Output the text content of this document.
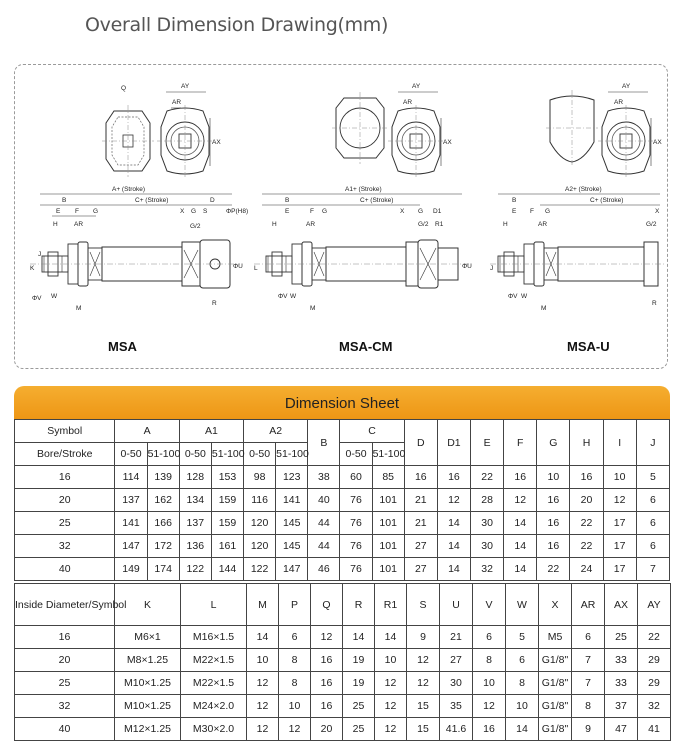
Overall Dimension Drawing(mm)
AY
AX
Q
AR
A+ (Stroke)
C+ (Stroke)
B	D
E F G	X G S	ΦP(H8)
H	AR	G/2
K
J
ΦV W
M
R
ΦU
AY
AX
AR
A1+ (Stroke)
C+ (Stroke)
B
E	F G	X G D1
H	AR	G/2 R1
L
ΦV W
M
ΦU
AY
AX
AR
A2+ (Stroke)
C+ (Stroke)
B
E F G	X
H	AR	G/2
J
ΦV W
M
R
MSA	MSA-CM	MSA-U
Dimension Sheet
Symbol	A		A1		A2		B	C		D	D1	E	F	G	H	I	J
Bore/Stroke	0-50	51-100	0-50	51-100	0-50	51-100		0-50	51-100								
16	114	139	128	153	98	123	38	60	85	16	16	22	16	10	16	10	5
20	137	162	134	159	116	141	40	76	101	21	12	28	12	16	20	12	6
25	141	166	137	159	120	145	44	76	101	21	14	30	14	16	22	17	6
32	147	172	136	161	120	145	44	76	101	27	14	30	14	16	22	17	6
40	149	174	122	144	122	147	46	76	101	27	14	32	14	22	24	17	7
Inside Diameter/Symbol	K	L	M	P	Q	R	R1	S	U	V	W	X	AR	AX	AY
16	M6×1	M16×1.5	14	6	12	14	14	9	21	6	5	M5	6	25	22
20	M8×1.25	M22×1.5	10	8	16	19	10	12	27	8	6	G1/8"	7	33	29
25	M10×1.25	M22×1.5	12	8	16	19	12	12	30	10	8	G1/8"	7	33	29
32	M10×1.25	M24×2.0	12	10	16	25	12	15	35	12	10	G1/8"	8	37	32
40	M12×1.25	M30×2.0	12	12	20	25	12	15	41.6	16	14	G1/8"	9	47	41
